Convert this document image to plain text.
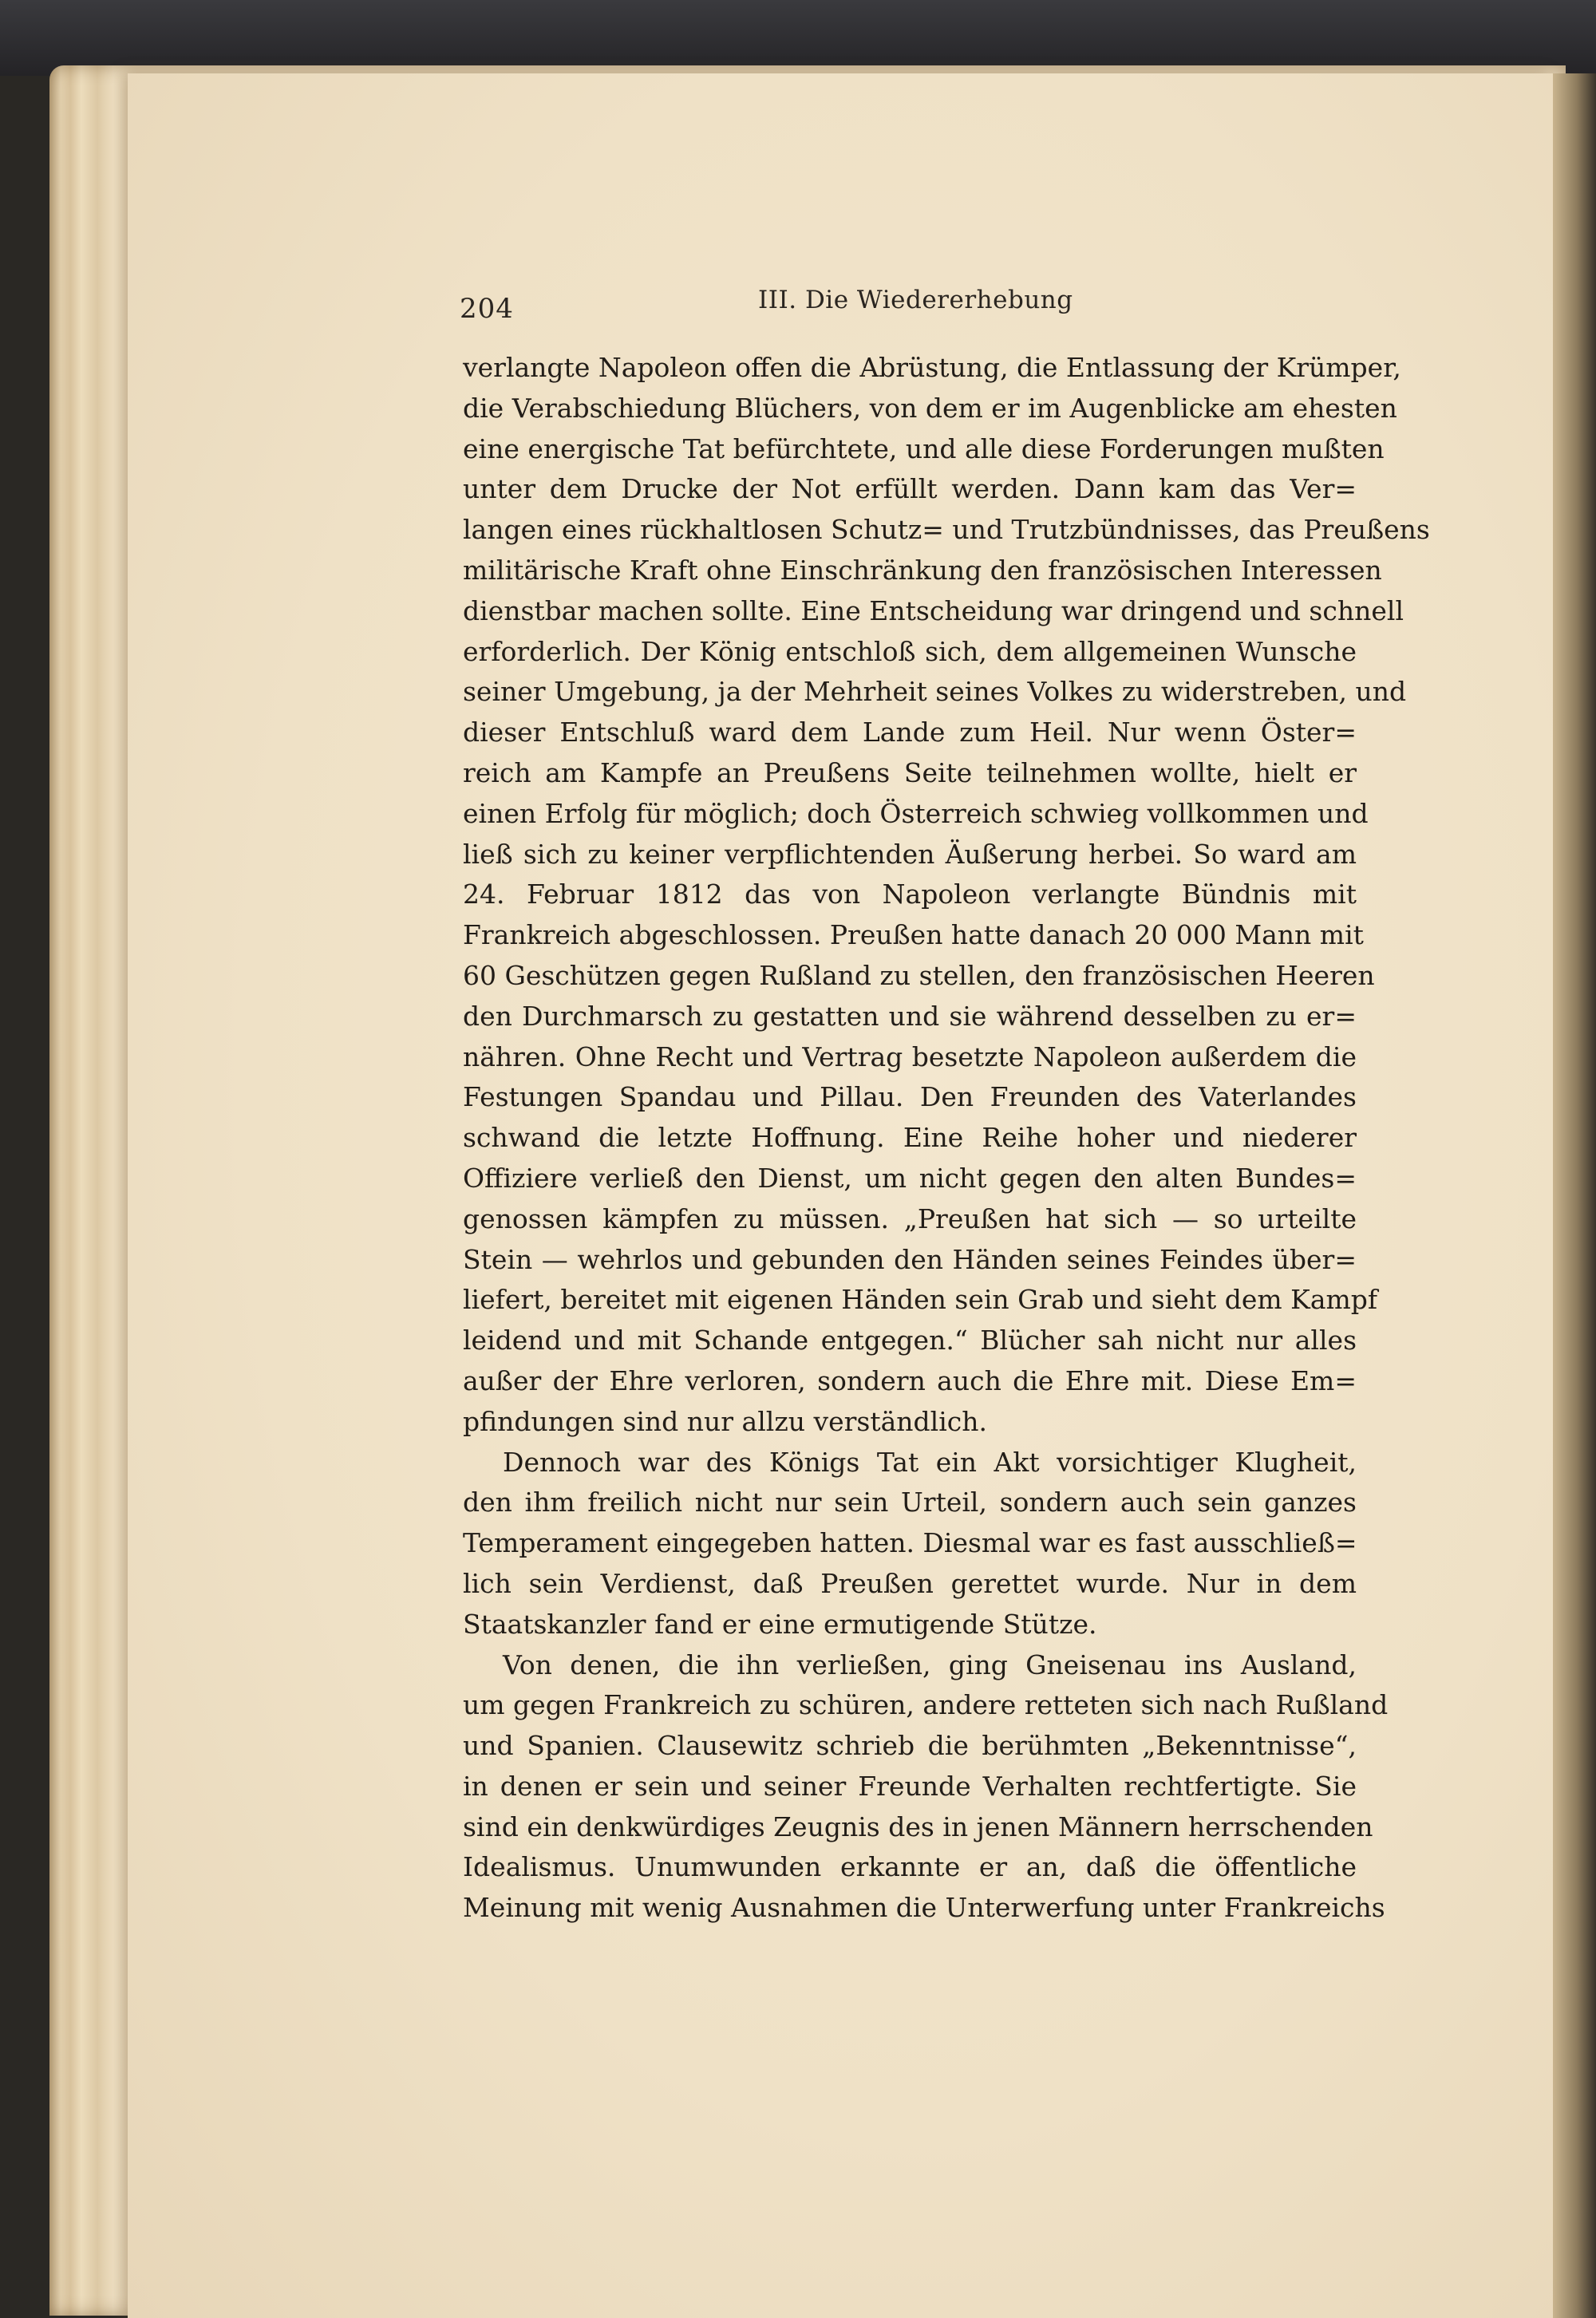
204	III. Die Wiedererhebung
verlangte Napoleon offen die Abrüstung, die Entlassung der Krümper,
die Verabschiedung Blüchers, von dem er im Augenblicke am ehesten
eine energische Tat befürchtete, und alle diese Forderungen mußten
unter dem Drucke der Not erfüllt werden. Dann kam das Ver=
langen eines rückhaltlosen Schutz= und Trutzbündnisses, das Preußens
militärische Kraft ohne Einschränkung den französischen Interessen
dienstbar machen sollte. Eine Entscheidung war dringend und schnell
erforderlich. Der König entschloß sich, dem allgemeinen Wunsche
seiner Umgebung, ja der Mehrheit seines Volkes zu widerstreben, und
dieser Entschluß ward dem Lande zum Heil. Nur wenn Öster=
reich am Kampfe an Preußens Seite teilnehmen wollte, hielt er
einen Erfolg für möglich; doch Österreich schwieg vollkommen und
ließ sich zu keiner verpflichtenden Äußerung herbei. So ward am
24. Februar 1812 das von Napoleon verlangte Bündnis mit
Frankreich abgeschlossen. Preußen hatte danach 20 000 Mann mit
60 Geschützen gegen Rußland zu stellen, den französischen Heeren
den Durchmarsch zu gestatten und sie während desselben zu er=
nähren. Ohne Recht und Vertrag besetzte Napoleon außerdem die
Festungen Spandau und Pillau. Den Freunden des Vaterlandes
schwand die letzte Hoffnung. Eine Reihe hoher und niederer
Offiziere verließ den Dienst, um nicht gegen den alten Bundes=
genossen kämpfen zu müssen. „Preußen hat sich — so urteilte
Stein — wehrlos und gebunden den Händen seines Feindes über=
liefert, bereitet mit eigenen Händen sein Grab und sieht dem Kampf
leidend und mit Schande entgegen.“ Blücher sah nicht nur alles
außer der Ehre verloren, sondern auch die Ehre mit. Diese Em=
pfindungen sind nur allzu verständlich.
Dennoch war des Königs Tat ein Akt vorsichtiger Klugheit,
den ihm freilich nicht nur sein Urteil, sondern auch sein ganzes
Temperament eingegeben hatten. Diesmal war es fast ausschließ=
lich sein Verdienst, daß Preußen gerettet wurde. Nur in dem
Staatskanzler fand er eine ermutigende Stütze.
Von denen, die ihn verließen, ging Gneisenau ins Ausland,
um gegen Frankreich zu schüren, andere retteten sich nach Rußland
und Spanien. Clausewitz schrieb die berühmten „Bekenntnisse“,
in denen er sein und seiner Freunde Verhalten rechtfertigte. Sie
sind ein denkwürdiges Zeugnis des in jenen Männern herrschenden
Idealismus. Unumwunden erkannte er an, daß die öffentliche
Meinung mit wenig Ausnahmen die Unterwerfung unter Frankreichs
